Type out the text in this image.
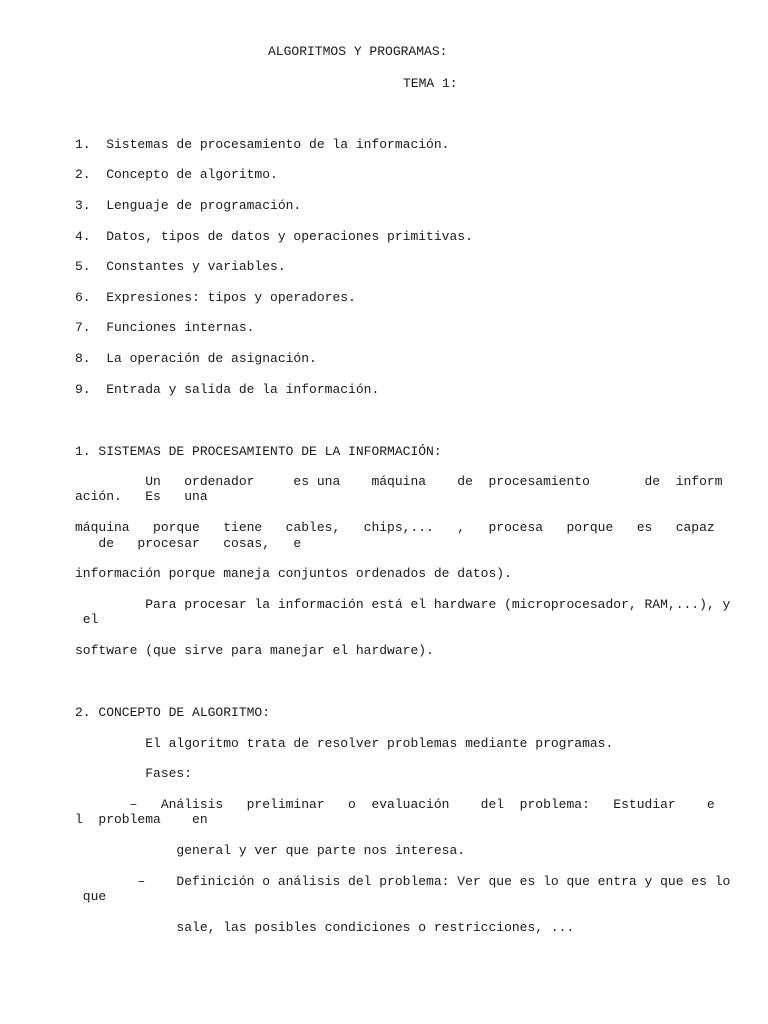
ALGORITMOS Y PROGRAMAS:
TEMA 1:
1.  Sistemas de procesamiento de la información.
2.  Concepto de algoritmo.
3.  Lenguaje de programación.
4.  Datos, tipos de datos y operaciones primitivas.
5.  Constantes y variables.
6.  Expresiones: tipos y operadores.
7.  Funciones internas.
8.  La operación de asignación.
9.  Entrada y salida de la información.
1. SISTEMAS DE PROCESAMIENTO DE LA INFORMACIÓN:
Un   ordenador     es una    máquina    de  procesamiento       de  inform
ación.   Es   una
máquina   porque   tiene   cables,   chips,...   ,   procesa   porque   es   capaz
de   procesar   cosas,   e
información porque maneja conjuntos ordenados de datos).
Para procesar la información está el hardware (microprocesador, RAM,...), y
el
software (que sirve para manejar el hardware).
2. CONCEPTO DE ALGORITMO:
El algoritmo trata de resolver problemas mediante programas.
Fases:
–   Análisis   preliminar   o  evaluación    del  problema:   Estudiar    e
l  problema    en
general y ver que parte nos interesa.
–    Definición o análisis del problema: Ver que es lo que entra y que es lo
que
sale, las posibles condiciones o restricciones, ...
